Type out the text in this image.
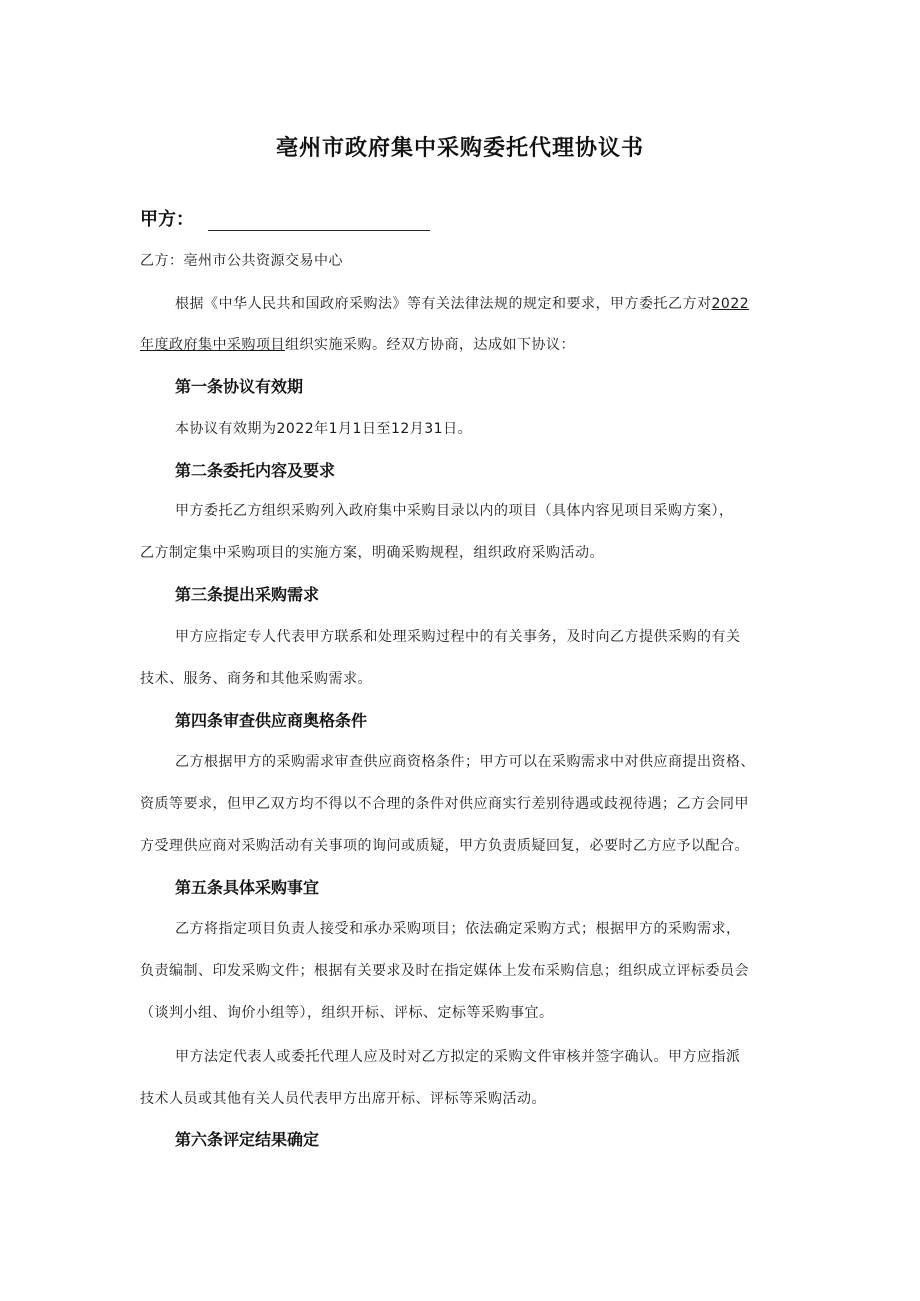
亳州市政府集中采购委托代理协议书
甲方：
乙方：亳州市公共资源交易中心
根据《中华人民共和国政府采购法》等有关法律法规的规定和要求，甲方委托乙方对2022
年度政府集中采购项目组织实施采购。经双方协商，达成如下协议：
第一条协议有效期
本协议有效期为2022年1月1日至12月31日。
第二条委托内容及要求
甲方委托乙方组织采购列入政府集中采购目录以内的项目（具体内容见项目采购方案），
乙方制定集中采购项目的实施方案，明确采购规程，组织政府采购活动。
第三条提出采购需求
甲方应指定专人代表甲方联系和处理采购过程中的有关事务，及时向乙方提供采购的有关
技术、服务、商务和其他采购需求。
第四条审查供应商奥格条件
乙方根据甲方的采购需求审查供应商资格条件；甲方可以在采购需求中对供应商提出资格、
资质等要求，但甲乙双方均不得以不合理的条件对供应商实行差别待遇或歧视待遇；乙方会同甲
方受理供应商对采购活动有关事项的询问或质疑，甲方负责质疑回复，必要时乙方应予以配合。
第五条具体采购事宜
乙方将指定项目负责人接受和承办采购项目；依法确定采购方式；根据甲方的采购需求，
负责编制、印发采购文件；根据有关要求及时在指定媒体上发布采购信息；组织成立评标委员会
（谈判小组、询价小组等），组织开标、评标、定标等采购事宜。
甲方法定代表人或委托代理人应及时对乙方拟定的采购文件审核并签字确认。甲方应指派
技术人员或其他有关人员代表甲方出席开标、评标等采购活动。
第六条评定结果确定
